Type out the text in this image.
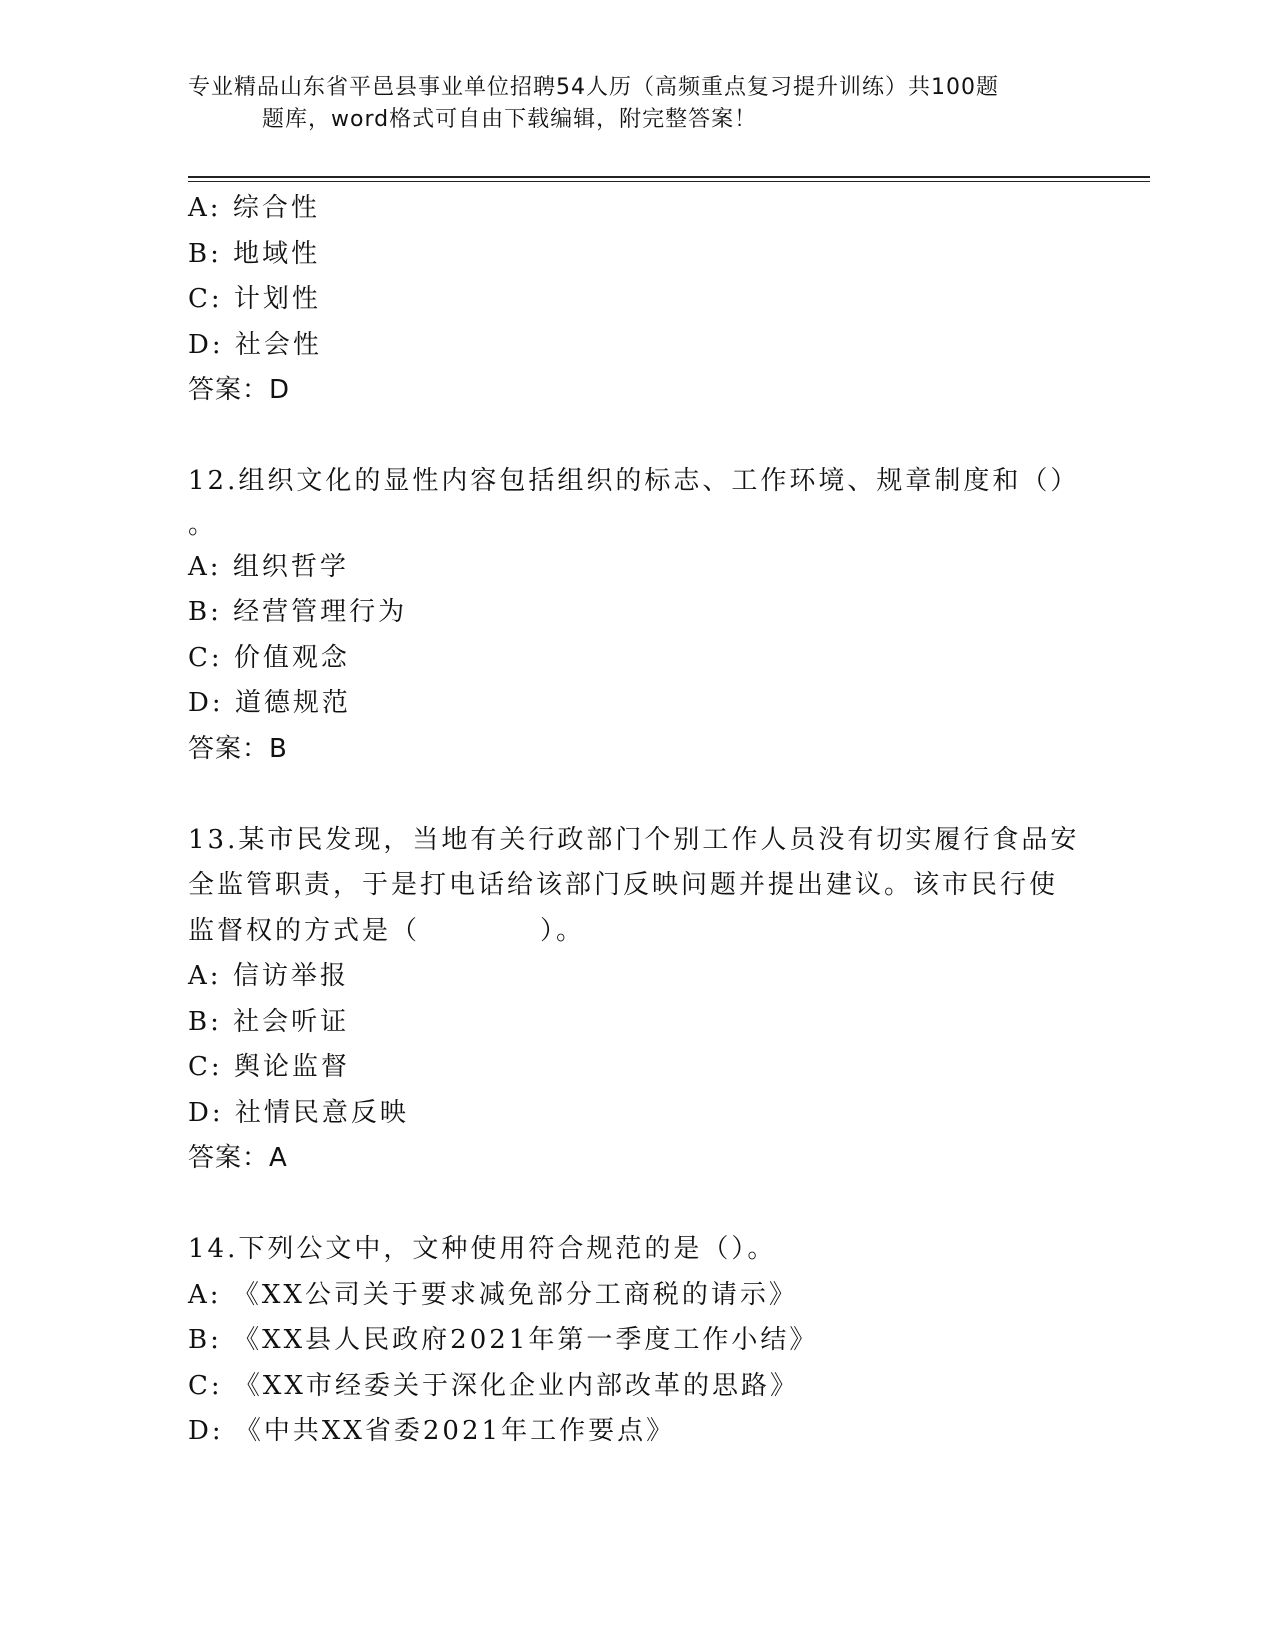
专业精品山东省平邑县事业单位招聘54人历（高频重点复习提升训练）共100题
题库，word格式可自由下载编辑，附完整答案！
A: 综合性
B: 地域性
C: 计划性
D: 社会性
答案：D
12.组织文化的显性内容包括组织的标志、工作环境、规章制度和（）
。
A: 组织哲学
B: 经营管理行为
C: 价值观念
D: 道德规范
答案：B
13.某市民发现，当地有关行政部门个别工作人员没有切实履行食品安
全监管职责，于是打电话给该部门反映问题并提出建议。该市民行使
监督权的方式是（	）。
A: 信访举报
B: 社会听证
C: 舆论监督
D: 社情民意反映
答案：A
14.下列公文中，文种使用符合规范的是（）。
A: 《XX公司关于要求减免部分工商税的请示》
B: 《XX县人民政府2021年第一季度工作小结》
C: 《XX市经委关于深化企业内部改革的思路》
D: 《中共XX省委2021年工作要点》
